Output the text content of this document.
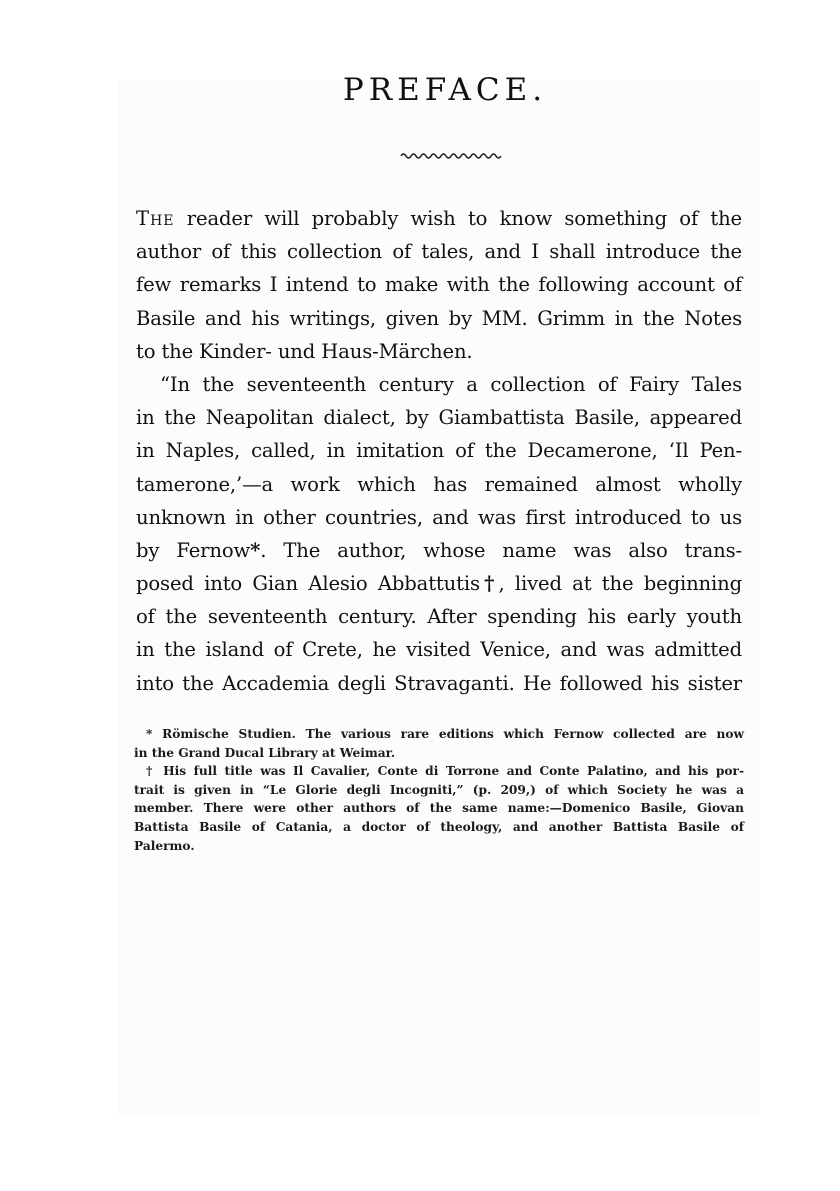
PREFACE.
The reader will probably wish to know something of the
author of this collection of tales, and I shall introduce the
few remarks I intend to make with the following account of
Basile and his writings, given by MM. Grimm in the Notes
to the Kinder- und Haus-Märchen.
“In the seventeenth century a collection of Fairy Tales
in the Neapolitan dialect, by Giambattista Basile, appeared
in Naples, called, in imitation of the Decamerone, ‘Il Pen-
tamerone,’—a work which has remained almost wholly
unknown in other countries, and was first introduced to us
by Fernow*. The author, whose name was also trans-
posed into Gian Alesio Abbattutis†, lived at the beginning
of the seventeenth century. After spending his early youth
in the island of Crete, he visited Venice, and was admitted
into the Accademia degli Stravaganti. He followed his sister
* Römische Studien. The various rare editions which Fernow collected are now
in the Grand Ducal Library at Weimar.
† His full title was Il Cavalier, Conte di Torrone and Conte Palatino, and his por-
trait is given in “Le Glorie degli Incogniti,” (p. 209,) of which Society he was a
member. There were other authors of the same name:—Domenico Basile, Giovan
Battista Basile of Catania, a doctor of theology, and another Battista Basile of
Palermo.
